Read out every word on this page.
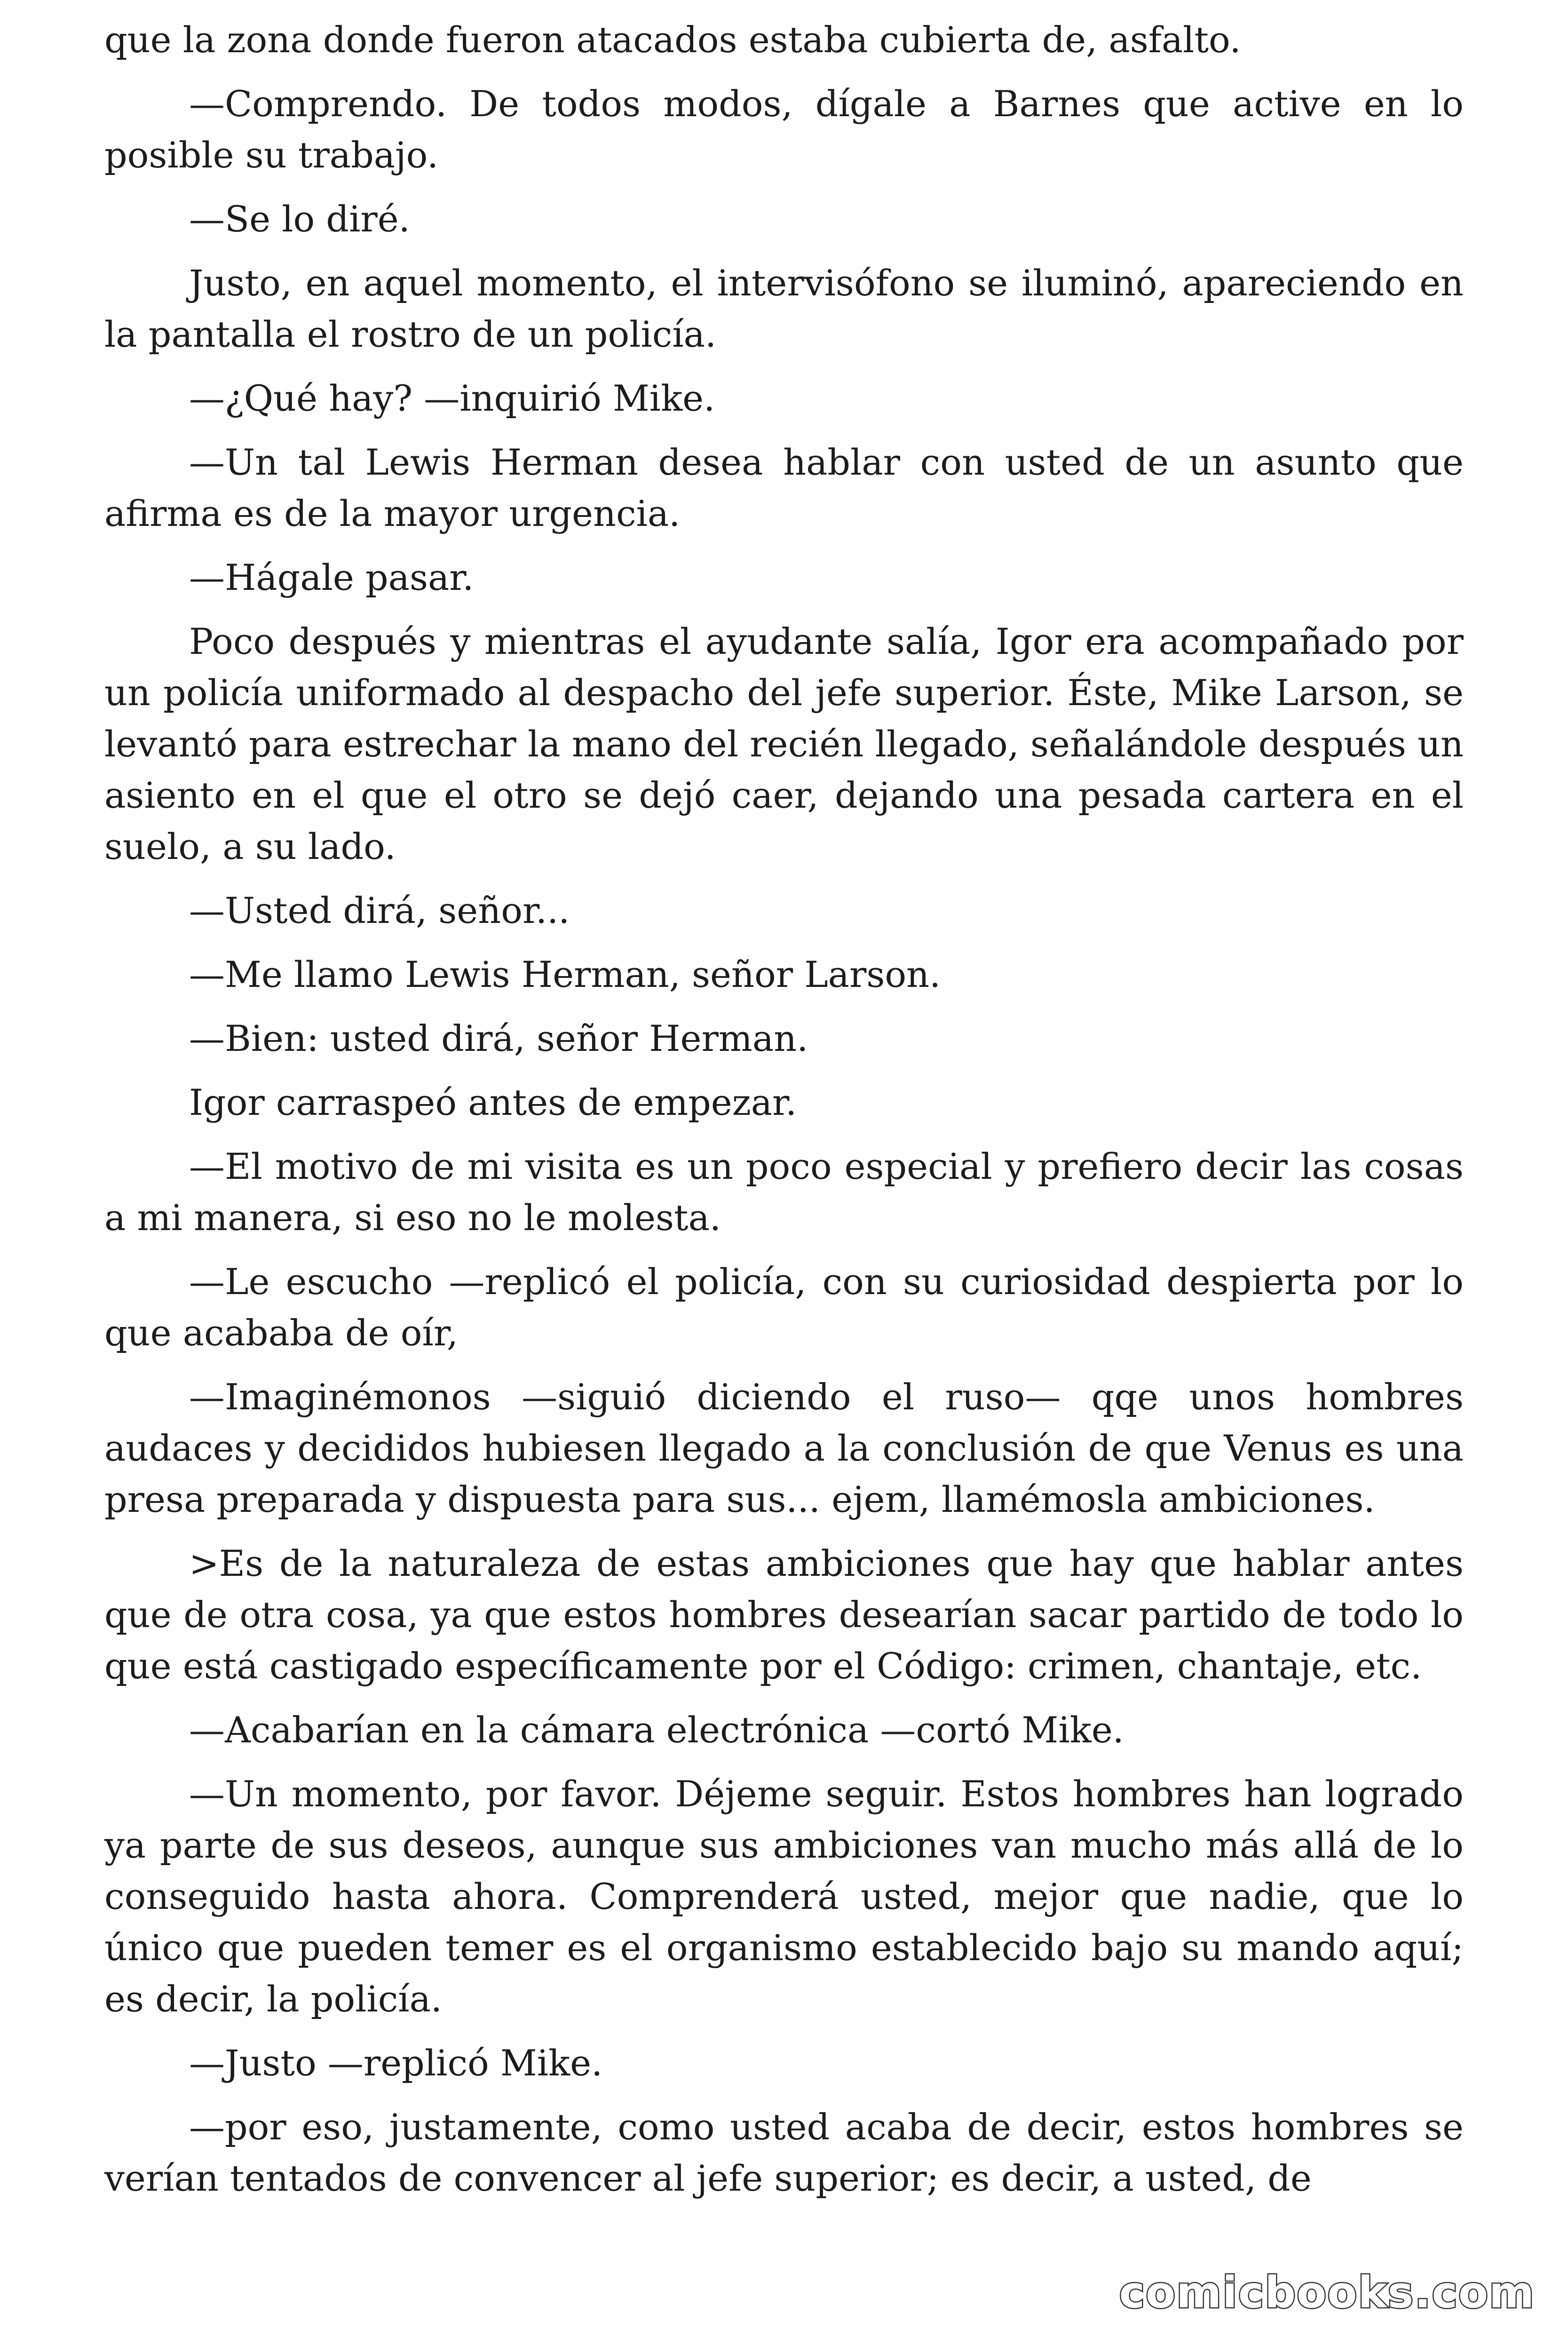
que la zona donde fueron atacados estaba cubierta de, asfalto.

—Comprendo. De todos modos, dígale a Barnes que active en lo posible su trabajo.

—Se lo diré.

Justo, en aquel momento, el intervisófono se iluminó, apareciendo en la pantalla el rostro de un policía.

—¿Qué hay? —inquirió Mike.

—Un tal Lewis Herman desea hablar con usted de un asunto que afirma es de la mayor urgencia.

—Hágale pasar.

Poco después y mientras el ayudante salía, Igor era acompañado por un policía uniformado al despacho del jefe superior. Éste, Mike Larson, se levantó para estrechar la mano del recién llegado, señalándole después un asiento en el que el otro se dejó caer, dejando una pesada cartera en el suelo, a su lado.

—Usted dirá, señor...

—Me llamo Lewis Herman, señor Larson.

—Bien: usted dirá, señor Herman.

Igor carraspeó antes de empezar.

—El motivo de mi visita es un poco especial y prefiero decir las cosas a mi manera, si eso no le molesta.

—Le escucho —replicó el policía, con su curiosidad despierta por lo que acababa de oír,

—Imaginémonos —siguió diciendo el ruso— qqe unos hombres audaces y decididos hubiesen llegado a la conclusión de que Venus es una presa preparada y dispuesta para sus... ejem, llamémosla ambiciones.

>Es de la naturaleza de estas ambiciones que hay que hablar antes que de otra cosa, ya que estos hombres desearían sacar partido de todo lo que está castigado específicamente por el Código: crimen, chantaje, etc.

—Acabarían en la cámara electrónica —cortó Mike.

—Un momento, por favor. Déjeme seguir. Estos hombres han logrado ya parte de sus deseos, aunque sus ambiciones van mucho más allá de lo conseguido hasta ahora. Comprenderá usted, mejor que nadie, que lo único que pueden temer es el organismo establecido bajo su mando aquí; es decir, la policía.

—Justo —replicó Mike.

—por eso, justamente, como usted acaba de decir, estos hombres se verían tentados de convencer al jefe superior; es decir, a usted, de

comicbooks.com
